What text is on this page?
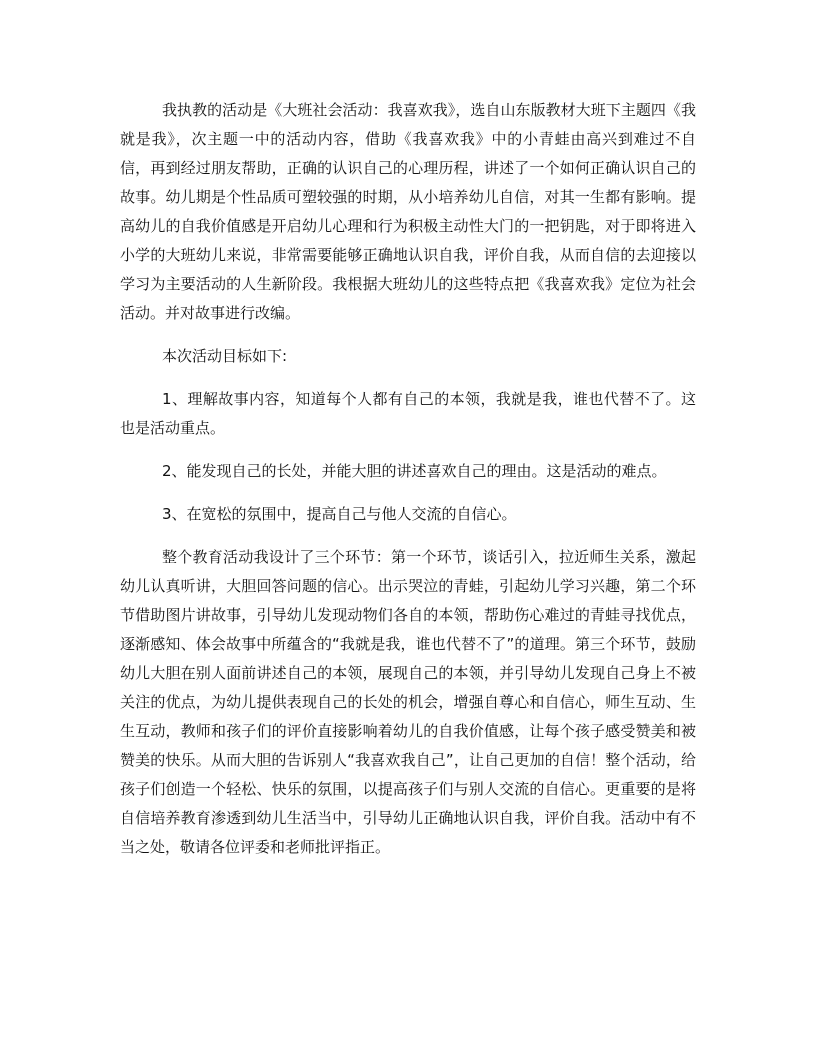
我执教的活动是《大班社会活动：我喜欢我》，选自山东版教材大班下主题四《我就是我》，次主题一中的活动内容，借助《我喜欢我》中的小青蛙由高兴到难过不自信，再到经过朋友帮助，正确的认识自己的心理历程，讲述了一个如何正确认识自己的故事。幼儿期是个性品质可塑较强的时期，从小培养幼儿自信，对其一生都有影响。提高幼儿的自我价值感是开启幼儿心理和行为积极主动性大门的一把钥匙，对于即将进入小学的大班幼儿来说，非常需要能够正确地认识自我，评价自我，从而自信的去迎接以学习为主要活动的人生新阶段。我根据大班幼儿的这些特点把《我喜欢我》定位为社会活动。并对故事进行改编。

本次活动目标如下:

1、理解故事内容，知道每个人都有自己的本领，我就是我，谁也代替不了。这也是活动重点。

2、能发现自己的长处，并能大胆的讲述喜欢自己的理由。这是活动的难点。

3、在宽松的氛围中，提高自己与他人交流的自信心。

整个教育活动我设计了三个环节：第一个环节，谈话引入，拉近师生关系，激起幼儿认真听讲，大胆回答问题的信心。出示哭泣的青蛙，引起幼儿学习兴趣，第二个环节借助图片讲故事，引导幼儿发现动物们各自的本领，帮助伤心难过的青蛙寻找优点，逐渐感知、体会故事中所蕴含的“我就是我，谁也代替不了”的道理。第三个环节，鼓励幼儿大胆在别人面前讲述自己的本领，展现自己的本领，并引导幼儿发现自己身上不被关注的优点，为幼儿提供表现自己的长处的机会，增强自尊心和自信心，师生互动、生生互动，教师和孩子们的评价直接影响着幼儿的自我价值感，让每个孩子感受赞美和被赞美的快乐。从而大胆的告诉别人“我喜欢我自己”，让自己更加的自信！整个活动，给孩子们创造一个轻松、快乐的氛围，以提高孩子们与别人交流的自信心。更重要的是将自信培养教育渗透到幼儿生活当中，引导幼儿正确地认识自我，评价自我。活动中有不当之处，敬请各位评委和老师批评指正。
